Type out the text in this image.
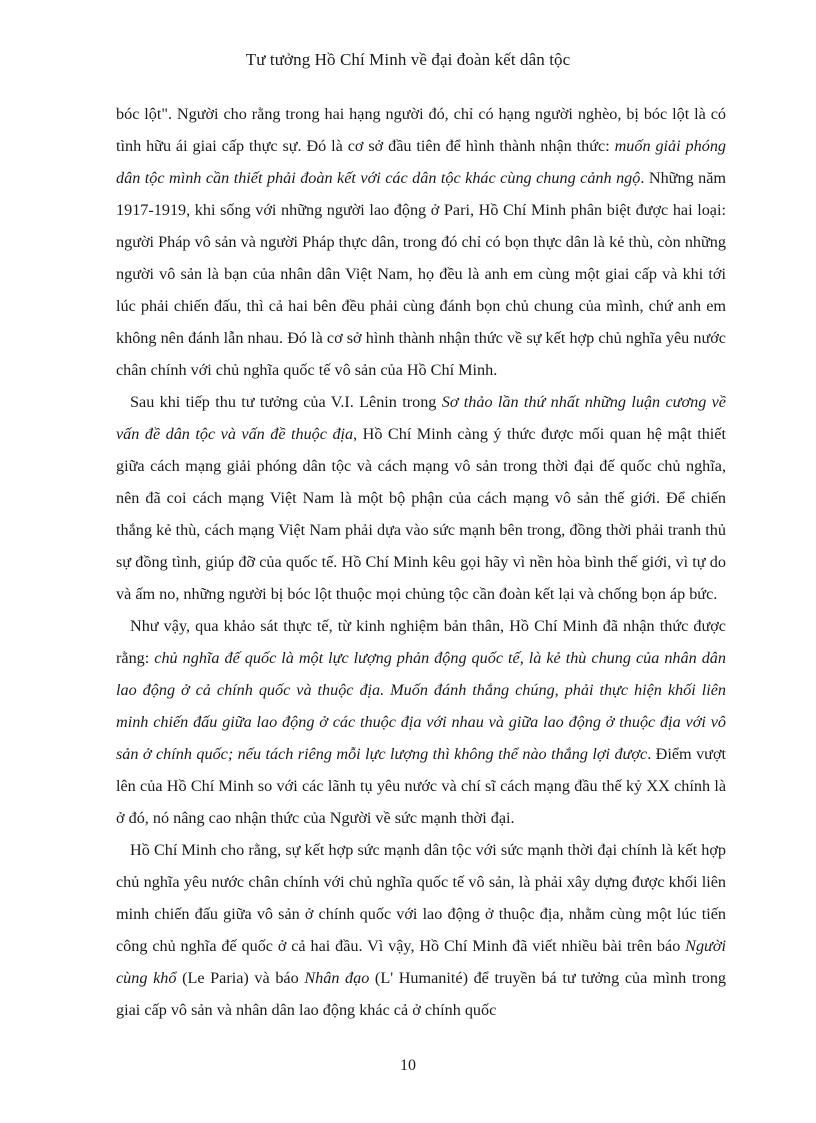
Tư tưởng Hồ Chí Minh về đại đoàn kết dân tộc

bóc lột". Người cho rằng trong hai hạng người đó, chỉ có hạng người nghèo, bị bóc lột là có tình hữu ái giai cấp thực sự. Đó là cơ sở đầu tiên để hình thành nhận thức: muốn giải phóng dân tộc mình cần thiết phải đoàn kết với các dân tộc khác cùng chung cảnh ngộ. Những năm 1917-1919, khi sống với những người lao động ở Pari, Hồ Chí Minh phân biệt được hai loại: người Pháp vô sản và người Pháp thực dân, trong đó chỉ có bọn thực dân là kẻ thù, còn những người vô sản là bạn của nhân dân Việt Nam, họ đều là anh em cùng một giai cấp và khi tới lúc phải chiến đấu, thì cả hai bên đều phải cùng đánh bọn chủ chung của mình, chứ anh em không nên đánh lẫn nhau. Đó là cơ sở hình thành nhận thức về sự kết hợp chủ nghĩa yêu nước chân chính với chủ nghĩa quốc tế vô sản của Hồ Chí Minh.

Sau khi tiếp thu tư tưởng của V.I. Lênin trong Sơ thảo lần thứ nhất những luận cương về vấn đề dân tộc và vấn đề thuộc địa, Hồ Chí Minh càng ý thức được mối quan hệ mật thiết giữa cách mạng giải phóng dân tộc và cách mạng vô sản trong thời đại đế quốc chủ nghĩa, nên đã coi cách mạng Việt Nam là một bộ phận của cách mạng vô sản thế giới. Để chiến thắng kẻ thù, cách mạng Việt Nam phải dựa vào sức mạnh bên trong, đồng thời phải tranh thủ sự đồng tình, giúp đỡ của quốc tế. Hồ Chí Minh kêu gọi hãy vì nền hòa bình thế giới, vì tự do và ấm no, những người bị bóc lột thuộc mọi chủng tộc cần đoàn kết lại và chống bọn áp bức.

Như vậy, qua khảo sát thực tế, từ kinh nghiệm bản thân, Hồ Chí Minh đã nhận thức được rằng: chủ nghĩa đế quốc là một lực lượng phản động quốc tế, là kẻ thù chung của nhân dân lao động ở cả chính quốc và thuộc địa. Muốn đánh thắng chúng, phải thực hiện khối liên minh chiến đấu giữa lao động ở các thuộc địa với nhau và giữa lao động ở thuộc địa với vô sản ở chính quốc; nếu tách riêng mỗi lực lượng thì không thể nào thắng lợi được. Điểm vượt lên của Hồ Chí Minh so với các lãnh tụ yêu nước và chí sĩ cách mạng đầu thế kỷ XX chính là ở đó, nó nâng cao nhận thức của Người về sức mạnh thời đại.

Hồ Chí Minh cho rằng, sự kết hợp sức mạnh dân tộc với sức mạnh thời đại chính là kết hợp chủ nghĩa yêu nước chân chính với chủ nghĩa quốc tế vô sản, là phải xây dựng được khối liên minh chiến đấu giữa vô sản ở chính quốc với lao động ở thuộc địa, nhằm cùng một lúc tiến công chủ nghĩa đế quốc ở cả hai đầu. Vì vậy, Hồ Chí Minh đã viết nhiều bài trên báo Người cùng khổ (Le Paria) và báo Nhân đạo (L' Humanité) để truyền bá tư tưởng của mình trong giai cấp vô sản và nhân dân lao động khác cả ở chính quốc

10
